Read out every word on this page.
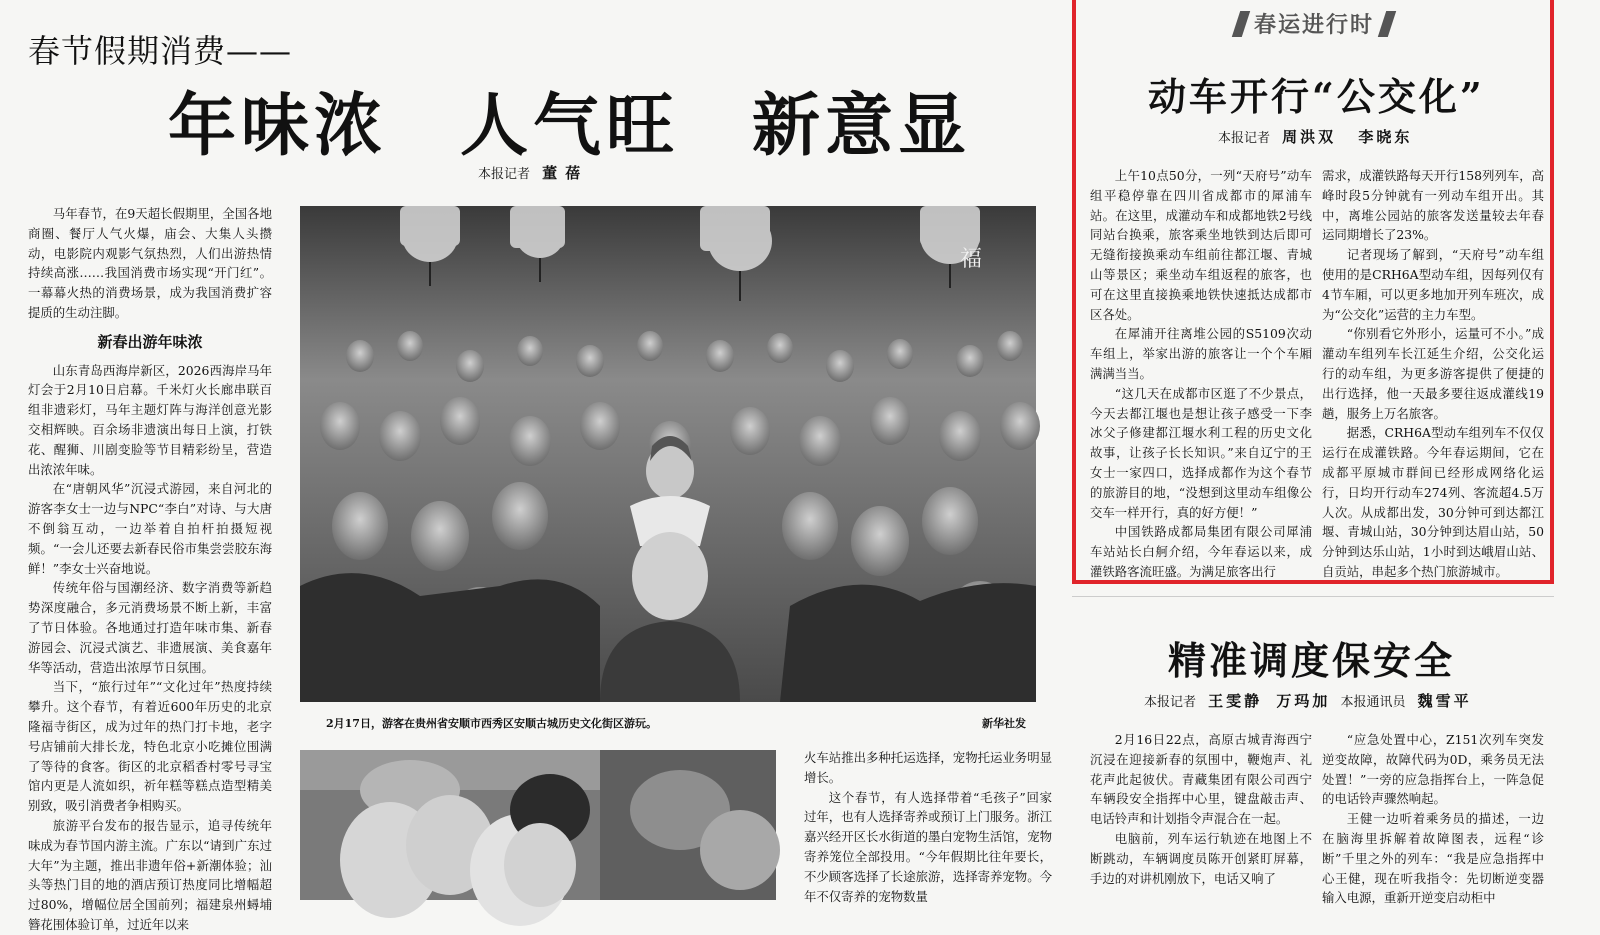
春节假期消费——
年味浓　人气旺　新意显
本报记者 董蓓

马年春节，在9天超长假期里，全国各地商圈、餐厅人气火爆，庙会、大集人头攒动，电影院内观影气氛热烈，人们出游热情持续高涨……我国消费市场实现“开门红”。一幕幕火热的消费场景，成为我国消费扩容提质的生动注脚。

新春出游年味浓

山东青岛西海岸新区，2026西海岸马年灯会于2月10日启幕。千米灯火长廊串联百组非遗彩灯，马年主题灯阵与海洋创意光影交相辉映。百余场非遗演出每日上演，打铁花、醒狮、川剧变脸等节目精彩纷呈，营造出浓浓年味。

在“唐朝风华”沉浸式游园，来自河北的游客李女士一边与NPC“李白”对诗、与大唐不倒翁互动，一边举着自拍杆拍摄短视频。“一会儿还要去新春民俗市集尝尝胶东海鲜！”李女士兴奋地说。

传统年俗与国潮经济、数字消费等新趋势深度融合，多元消费场景不断上新，丰富了节日体验。各地通过打造年味市集、新春游园会、沉浸式演艺、非遗展演、美食嘉年华等活动，营造出浓厚节日氛围。

当下，“旅行过年”“文化过年”热度持续攀升。这个春节，有着近600年历史的北京隆福寺街区，成为过年的热门打卡地，老字号店铺前大排长龙，特色北京小吃摊位围满了等待的食客。街区的北京稻香村零号寻宝馆内更是人流如织，祈年糕等糕点造型精美别致，吸引消费者争相购买。

旅游平台发布的报告显示，追寻传统年味成为春节国内游主流。广东以“请到广东过大年”为主题，推出非遗年俗+新潮体验；汕头等热门目的地的酒店预订热度同比增幅超过80%，增幅位居全国前列；福建泉州蟳埔簪花围体验订单，过近年以来

福
2月17日，游客在贵州省安顺市西秀区安顺古城历史文化街区游玩。	新华社发

火车站推出多种托运选择，宠物托运业务明显增长。

这个春节，有人选择带着“毛孩子”回家过年，也有人选择寄养或预订上门服务。浙江嘉兴经开区长水街道的墨白宠物生活馆，宠物寄养笼位全部投用。“今年假期比往年要长，不少顾客选择了长途旅游，选择寄养宠物。今年不仅寄养的宠物数量

春运进行时
动车开行“公交化”
本报记者 周洪双 李晓东

上午10点50分，一列“天府号”动车组平稳停靠在四川省成都市的犀浦车站。在这里，成灌动车和成都地铁2号线同站台换乘，旅客乘坐地铁到达后即可无缝衔接换乘动车组前往都江堰、青城山等景区；乘坐动车组返程的旅客，也可在这里直接换乘地铁快速抵达成都市区各处。

在犀浦开往离堆公园的S5109次动车组上，举家出游的旅客让一个个车厢满满当当。

“这几天在成都市区逛了不少景点，今天去都江堰也是想让孩子感受一下李冰父子修建都江堰水利工程的历史文化故事，让孩子长长知识。”来自辽宁的王女士一家四口，选择成都作为这个春节的旅游目的地，“没想到这里动车组像公交车一样开行，真的好方便！”

中国铁路成都局集团有限公司犀浦车站站长白舸介绍，今年春运以来，成灌铁路客流旺盛。为满足旅客出行

需求，成灌铁路每天开行158列列车，高峰时段5分钟就有一列动车组开出。其中，离堆公园站的旅客发送量较去年春运同期增长了23%。

记者现场了解到，“天府号”动车组使用的是CRH6A型动车组，因每列仅有4节车厢，可以更多地加开列车班次，成为“公交化”运营的主力车型。

“你别看它外形小，运量可不小。”成灌动车组列车长江延生介绍，公交化运行的动车组，为更多游客提供了便捷的出行选择，他一天最多要往返成灌线19趟，服务上万名旅客。

据悉，CRH6A型动车组列车不仅仅运行在成灌铁路。今年春运期间，它在成都平原城市群间已经形成网络化运行，日均开行动车274列、客流超4.5万人次。从成都出发，30分钟可到达都江堰、青城山站，30分钟到达眉山站，50分钟到达乐山站，1小时到达峨眉山站、自贡站，串起多个热门旅游城市。

精准调度保安全
本报记者 王雯静 万玛加 本报通讯员 魏雪平

2月16日22点，高原古城青海西宁沉浸在迎接新春的氛围中，鞭炮声、礼花声此起彼伏。青藏集团有限公司西宁车辆段安全指挥中心里，键盘敲击声、电话铃声和计划指令声混合在一起。

电脑前，列车运行轨迹在地图上不断跳动，车辆调度员陈开创紧盯屏幕，手边的对讲机刚放下，电话又响了

“应急处置中心，Z151次列车突发逆变故障，故障代码为0D，乘务员无法处置！”一旁的应急指挥台上，一阵急促的电话铃声骤然响起。

王健一边听着乘务员的描述，一边在脑海里拆解着故障图表，远程“诊断”千里之外的列车：“我是应急指挥中心王健，现在听我指令：先切断逆变器输入电源，重新开逆变启动柜中
